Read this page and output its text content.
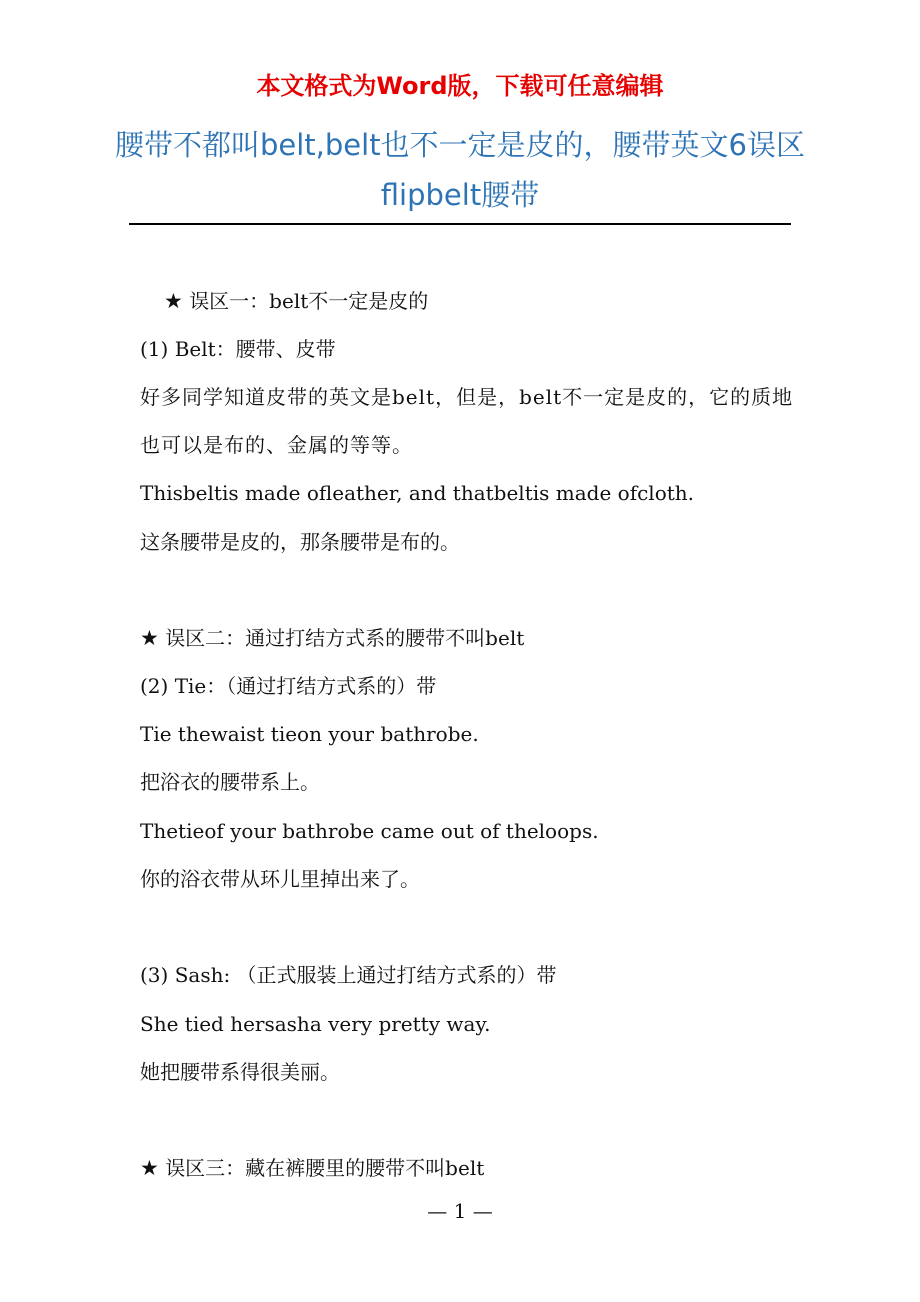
本文格式为Word版，下载可任意编辑
腰带不都叫belt,belt也不一定是皮的，腰带英文6误区 flipbelt腰带

★ 误区一：belt不一定是皮的

(1) Belt：腰带、皮带

好多同学知道皮带的英文是belt，但是，belt不一定是皮的，它的质地也可以是布的、金属的等等。

Thisbeltis made ofleather, and thatbeltis made ofcloth.

这条腰带是皮的，那条腰带是布的。

★ 误区二：通过打结方式系的腰带不叫belt

(2) Tie：（通过打结方式系的）带

Tie thewaist tieon your bathrobe.

把浴衣的腰带系上。

Thetieof your bathrobe came out of theloops.

你的浴衣带从环儿里掉出来了。

(3) Sash: （正式服装上通过打结方式系的）带

She tied hersasha very pretty way.

她把腰带系得很美丽。

★ 误区三：藏在裤腰里的腰带不叫belt

— 1 —
